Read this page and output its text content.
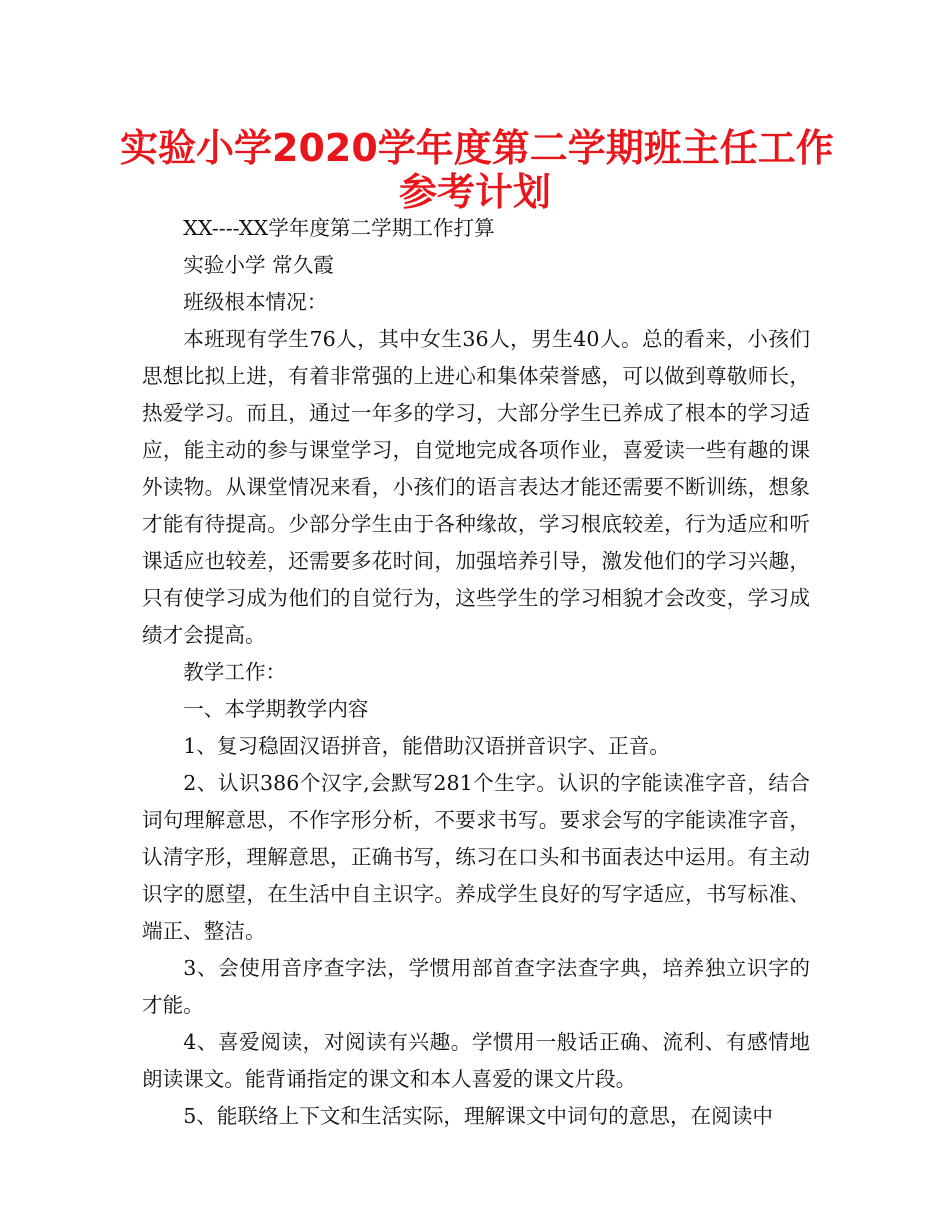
实验小学2020学年度第二学期班主任工作
参考计划

XX----XX学年度第二学期工作打算

实验小学 常久霞

班级根本情况：

本班现有学生76人，其中女生36人，男生40人。总的看来，小孩们思想比拟上进，有着非常强的上进心和集体荣誉感，可以做到尊敬师长，热爱学习。而且，通过一年多的学习，大部分学生已养成了根本的学习适应，能主动的参与课堂学习，自觉地完成各项作业，喜爱读一些有趣的课外读物。从课堂情况来看，小孩们的语言表达才能还需要不断训练，想象才能有待提高。少部分学生由于各种缘故，学习根底较差，行为适应和听课适应也较差，还需要多花时间，加强培养引导，激发他们的学习兴趣，只有使学习成为他们的自觉行为，这些学生的学习相貌才会改变，学习成绩才会提高。

教学工作：

一、本学期教学内容

1、复习稳固汉语拼音，能借助汉语拼音识字、正音。

2、认识386个汉字,会默写281个生字。认识的字能读准字音，结合词句理解意思，不作字形分析，不要求书写。要求会写的字能读准字音，认清字形，理解意思，正确书写，练习在口头和书面表达中运用。有主动识字的愿望，在生活中自主识字。养成学生良好的写字适应，书写标准、端正、整洁。

3、会使用音序查字法，学惯用部首查字法查字典，培养独立识字的才能。

4、喜爱阅读，对阅读有兴趣。学惯用一般话正确、流利、有感情地朗读课文。能背诵指定的课文和本人喜爱的课文片段。

5、能联络上下文和生活实际，理解课文中词句的意思，在阅读中
